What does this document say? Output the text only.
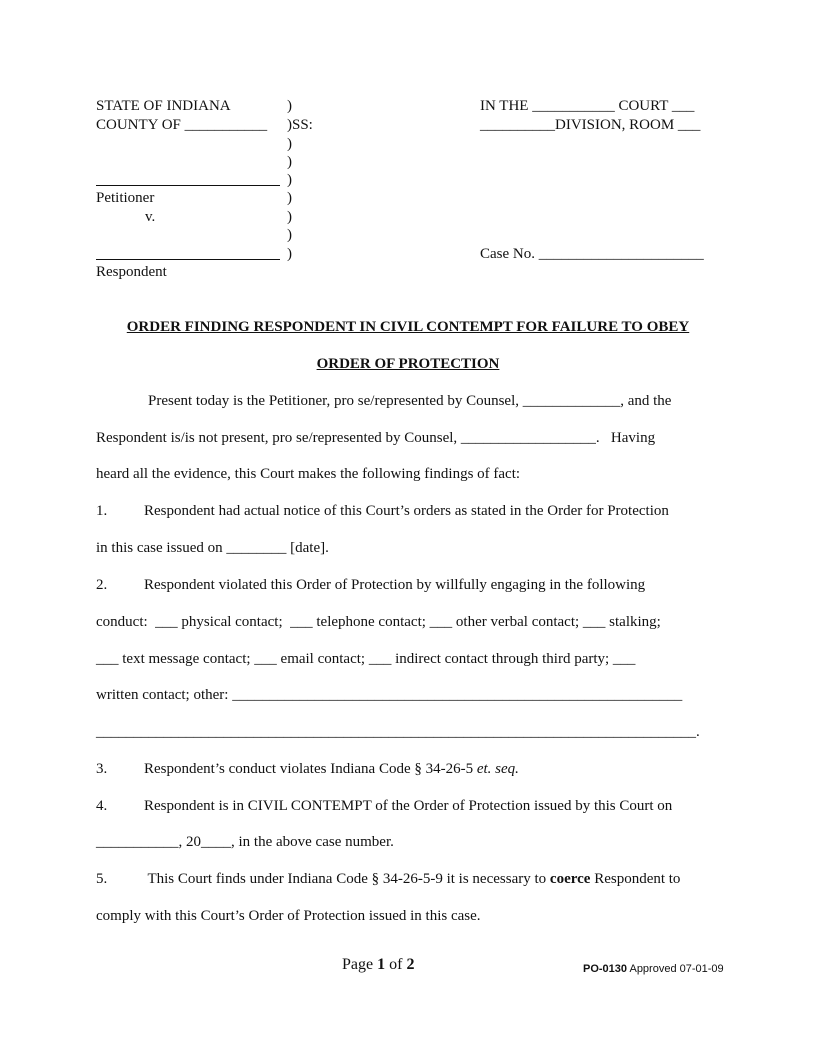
STATE OF INDIANA
COUNTY OF ___________
)
)SS:
)
)
)
)
)
)
)
Petitioner
v.
Respondent
IN THE ___________ COURT ___
__________DIVISION, ROOM ___
Case No. ______________________
ORDER FINDING RESPONDENT IN CIVIL CONTEMPT FOR FAILURE TO OBEY
ORDER OF PROTECTION
Present today is the Petitioner, pro se/represented by Counsel, _____________, and the
Respondent is/is not present, pro se/represented by Counsel, __________________.   Having
heard all the evidence, this Court makes the following findings of fact:
1. Respondent had actual notice of this Court’s orders as stated in the Order for Protection
in this case issued on ________ [date].
2. Respondent violated this Order of Protection by willfully engaging in the following
conduct:  ___ physical contact;  ___ telephone contact; ___ other verbal contact; ___ stalking;
___ text message contact; ___ email contact; ___ indirect contact through third party; ___
written contact; other: ____________________________________________________________
________________________________________________________________________________.
3. Respondent’s conduct violates Indiana Code § 34-26-5 et. seq.
4. Respondent is in CIVIL CONTEMPT of the Order of Protection issued by this Court on
___________, 20____, in the above case number.
5. This Court finds under Indiana Code § 34-26-5-9 it is necessary to coerce Respondent to
comply with this Court’s Order of Protection issued in this case.
Page 1 of 2	PO-0130 Approved 07-01-09
